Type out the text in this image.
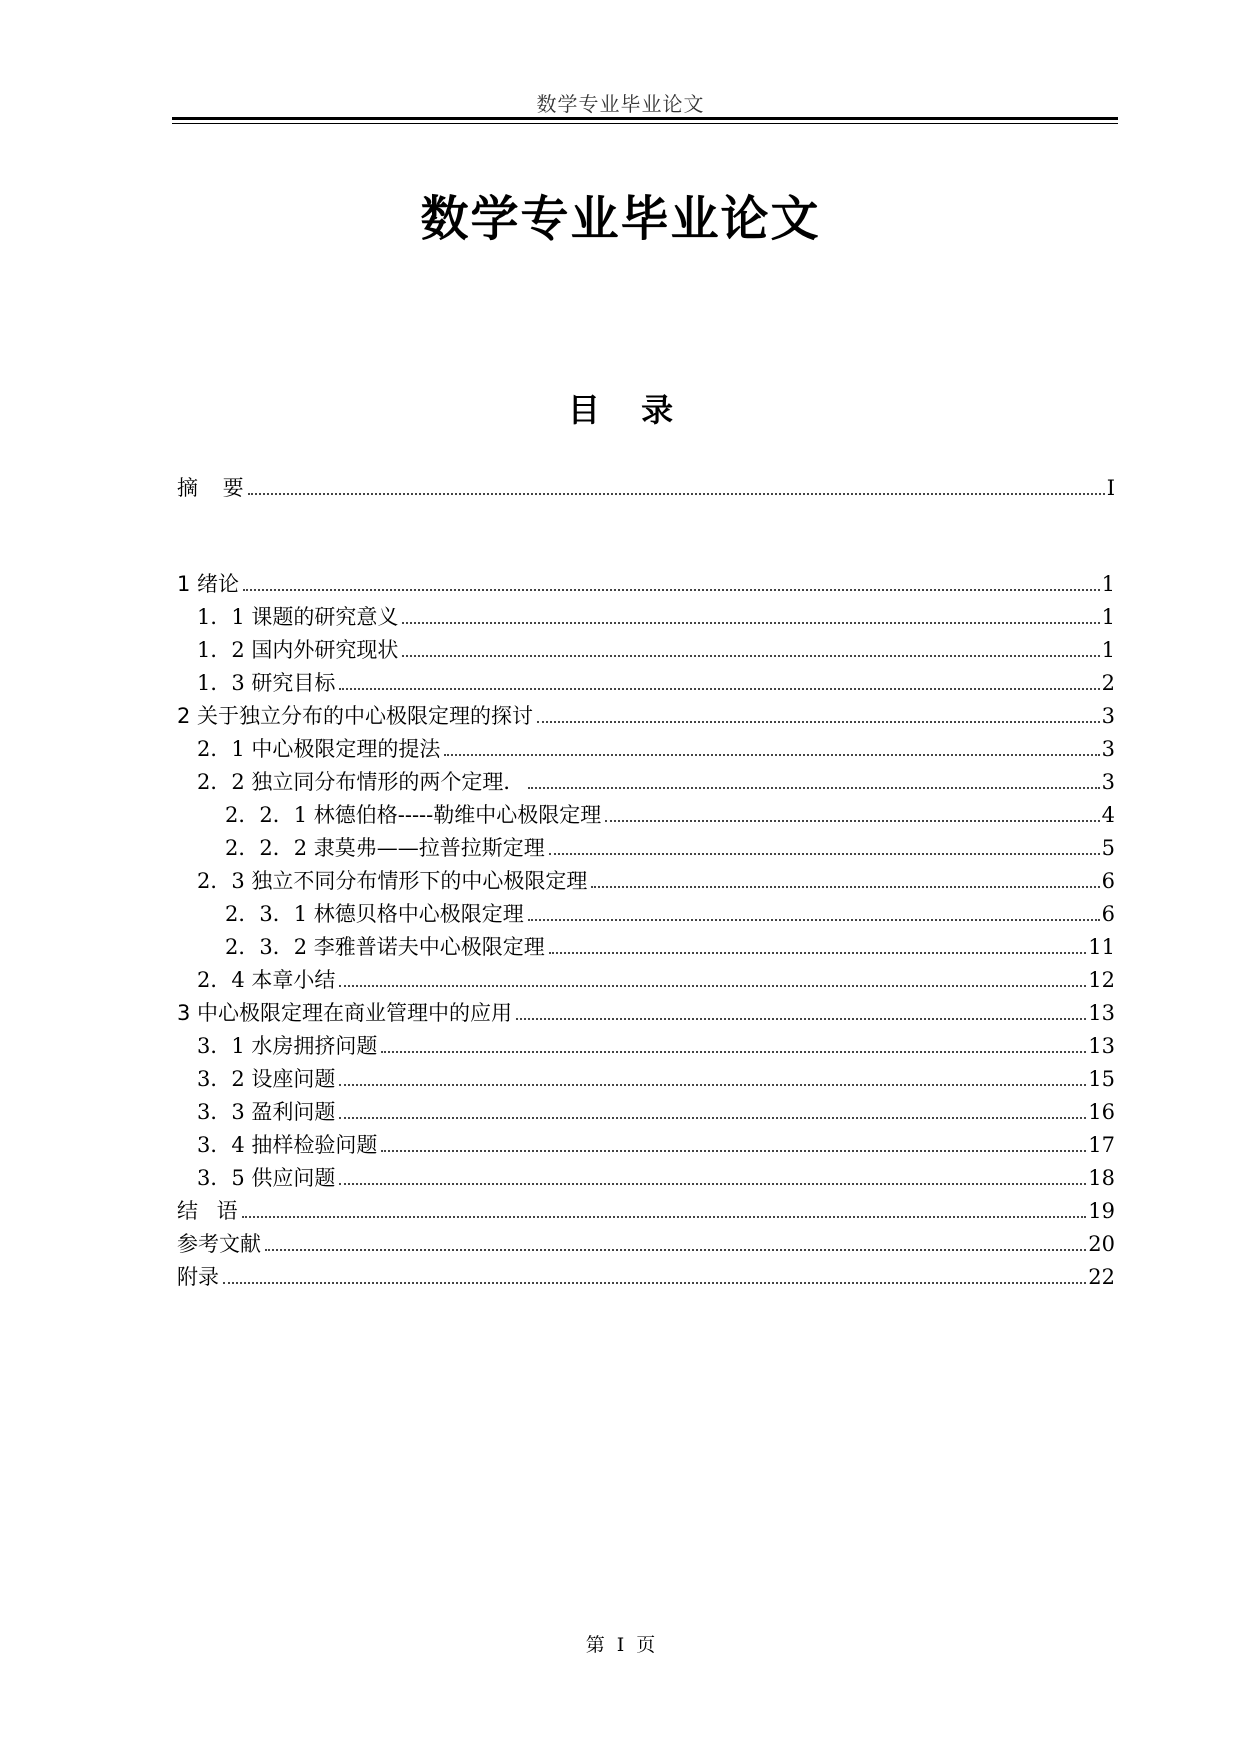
数学专业毕业论文
数学专业毕业论文
目 录
摘 要	I
1 绪论	1
1．1 课题的研究意义	1
1．2 国内外研究现状	1
1．3 研究目标	2
2 关于独立分布的中心极限定理的探讨	3
2．1 中心极限定理的提法	3
2．2 独立同分布情形的两个定理．	3
2．2．1 林德伯格-----勒维中心极限定理	4
2．2．2 隶莫弗——拉普拉斯定理	5
2．3 独立不同分布情形下的中心极限定理	6
2．3．1 林德贝格中心极限定理	6
2．3．2 李雅普诺夫中心极限定理	11
2．4 本章小结	12
3 中心极限定理在商业管理中的应用	13
3．1 水房拥挤问题	13
3．2 设座问题	15
3．3 盈利问题	16
3．4 抽样检验问题	17
3．5 供应问题	18
结 语	19
参考文献	20
附录	22
第 I 页
